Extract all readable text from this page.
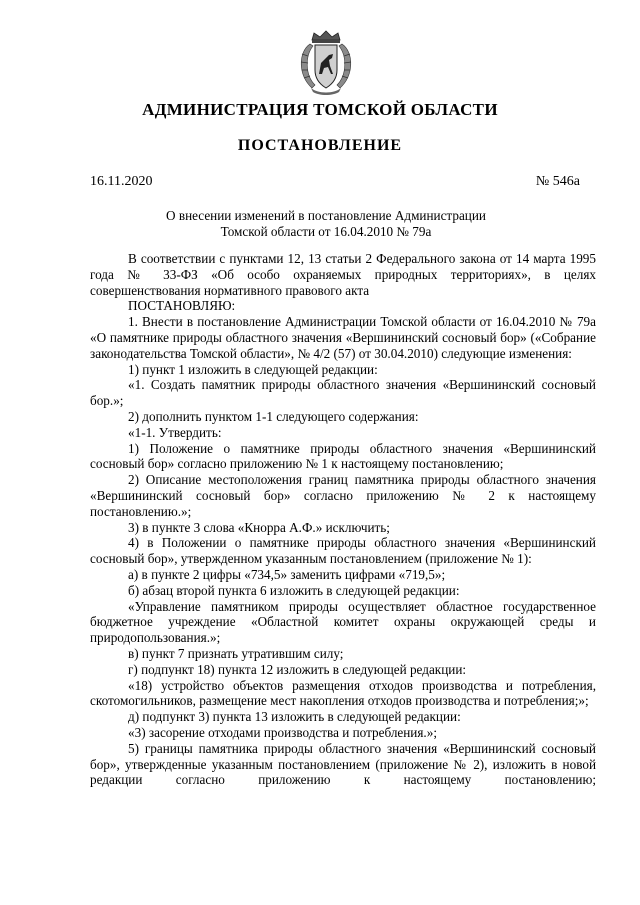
АДМИНИСТРАЦИЯ ТОМСКОЙ ОБЛАСТИ
ПОСТАНОВЛЕНИЕ
16.11.2020	№ 546а
О внесении изменений в постановление Администрации
Томской области от 16.04.2010 № 79а

В соответствии с пунктами 12, 13 статьи 2 Федерального закона от 14 марта 1995 года № 33-ФЗ «Об особо охраняемых природных территориях», в целях совершенствования нормативного правового акта

ПОСТАНОВЛЯЮ:

1. Внести в постановление Администрации Томской области от 16.04.2010 № 79а «О памятнике природы областного значения «Вершининский сосновый бор» («Собрание законодательства Томской области», № 4/2 (57) от 30.04.2010) следующие изменения:

1) пункт 1 изложить в следующей редакции:

«1. Создать памятник природы областного значения «Вершининский сосновый бор.»;

2) дополнить пунктом 1-1 следующего содержания:

«1-1. Утвердить:

1) Положение о памятнике природы областного значения «Вершининский сосновый бор» согласно приложению № 1 к настоящему постановлению;

2) Описание местоположения границ памятника природы областного значения «Вершининский сосновый бор» согласно приложению № 2 к настоящему постановлению.»;

3) в пункте 3 слова «Кнорра А.Ф.» исключить;

4) в Положении о памятнике природы областного значения «Вершининский сосновый бор», утвержденном указанным постановлением (приложение № 1):

а) в пункте 2 цифры «734,5» заменить цифрами «719,5»;

б) абзац второй пункта 6 изложить в следующей редакции:

«Управление памятником природы осуществляет областное государственное бюджетное учреждение «Областной комитет охраны окружающей среды и природопользования.»;

в) пункт 7 признать утратившим силу;

г) подпункт 18) пункта 12 изложить в следующей редакции:

«18) устройство объектов размещения отходов производства и потребления, скотомогильников, размещение мест накопления отходов производства и потребления;»;

д) подпункт 3) пункта 13 изложить в следующей редакции:

«3) засорение отходами производства и потребления.»;

5) границы памятника природы областного значения «Вершининский сосновый бор», утвержденные указанным постановлением (приложение № 2), изложить в новой редакции согласно приложению к настоящему постановлению;
